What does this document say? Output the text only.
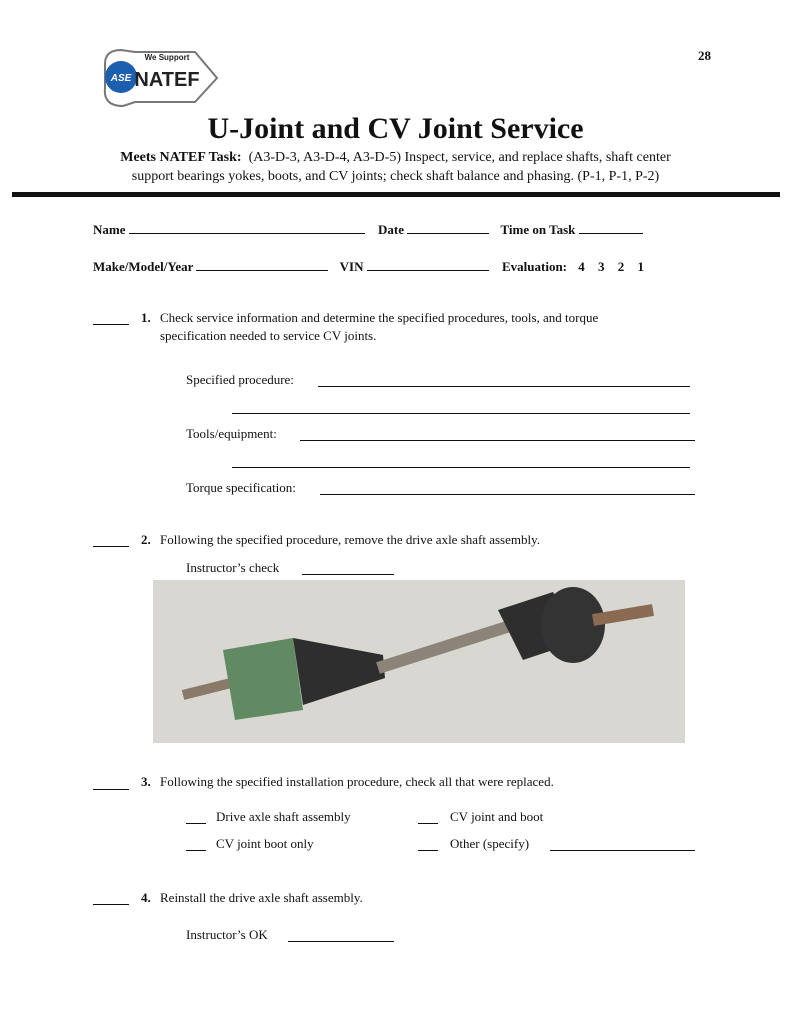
ASE NATEF
We Support	28
U-Joint and CV Joint Service
Meets NATEF Task: (A3-D-3, A3-D-4, A3-D-5) Inspect, service, and replace shafts, shaft center
support bearings yokes, boots, and CV joints; check shaft balance and phasing. (P-1, P-1, P-2)
Name	Date	Time on Task
Make/Model/Year	VIN	Evaluation: 4 3 2 1
1. Check service information and determine the specified procedures, tools, and torque
specification needed to service CV joints.
Specified procedure:
Tools/equipment:
Torque specification:
2. Following the specified procedure, remove the drive axle shaft assembly.
Instructor’s check
3. Following the specified installation procedure, check all that were replaced.
Drive axle shaft assembly	CV joint and boot
CV joint boot only	Other (specify)
4. Reinstall the drive axle shaft assembly.
Instructor’s OK
